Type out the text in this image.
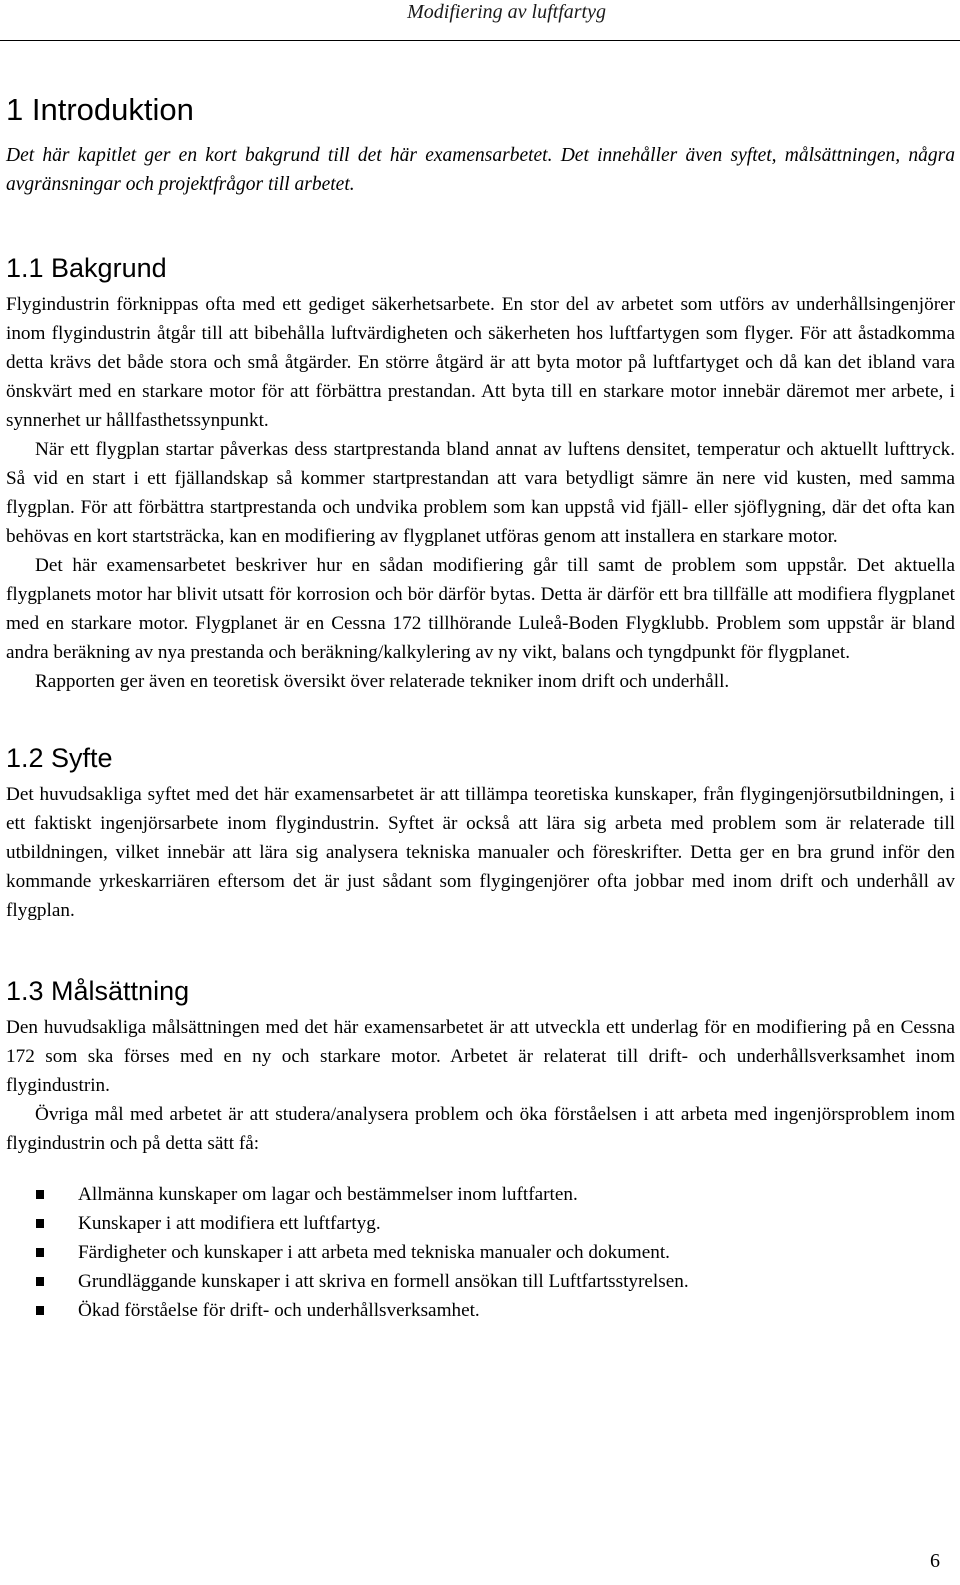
Modifiering av luftfartyg
1 Introduktion

Det här kapitlet ger en kort bakgrund till det här examensarbetet. Det innehåller även syftet, målsättningen, några avgränsningar och projektfrågor till arbetet.

1.1 Bakgrund

Flygindustrin förknippas ofta med ett gediget säkerhetsarbete. En stor del av arbetet som utförs av underhållsingenjörer inom flygindustrin åtgår till att bibehålla luftvärdigheten och säkerheten hos luftfartygen som flyger. För att åstadkomma detta krävs det både stora och små åtgärder. En större åtgärd är att byta motor på luftfartyget och då kan det ibland vara önskvärt med en starkare motor för att förbättra prestandan. Att byta till en starkare motor innebär däremot mer arbete, i synnerhet ur hållfasthetssynpunkt.

När ett flygplan startar påverkas dess startprestanda bland annat av luftens densitet, temperatur och aktuellt lufttryck. Så vid en start i ett fjällandskap så kommer startprestandan att vara betydligt sämre än nere vid kusten, med samma flygplan. För att förbättra startprestanda och undvika problem som kan uppstå vid fjäll- eller sjöflygning, där det ofta kan behövas en kort startsträcka, kan en modifiering av flygplanet utföras genom att installera en starkare motor.

Det här examensarbetet beskriver hur en sådan modifiering går till samt de problem som uppstår. Det aktuella flygplanets motor har blivit utsatt för korrosion och bör därför bytas. Detta är därför ett bra tillfälle att modifiera flygplanet med en starkare motor. Flygplanet är en Cessna 172 tillhörande Luleå-Boden Flygklubb. Problem som uppstår är bland andra beräkning av nya prestanda och beräkning/kalkylering av ny vikt, balans och tyngdpunkt för flygplanet.

Rapporten ger även en teoretisk översikt över relaterade tekniker inom drift och underhåll.

1.2 Syfte

Det huvudsakliga syftet med det här examensarbetet är att tillämpa teoretiska kunskaper, från flygingenjörsutbildningen, i ett faktiskt ingenjörsarbete inom flygindustrin. Syftet är också att lära sig arbeta med problem som är relaterade till utbildningen, vilket innebär att lära sig analysera tekniska manualer och föreskrifter. Detta ger en bra grund inför den kommande yrkeskarriären eftersom det är just sådant som flygingenjörer ofta jobbar med inom drift och underhåll av flygplan.

1.3 Målsättning

Den huvudsakliga målsättningen med det här examensarbetet är att utveckla ett underlag för en modifiering på en Cessna 172 som ska förses med en ny och starkare motor. Arbetet är relaterat till drift- och underhållsverksamhet inom flygindustrin.

Övriga mål med arbetet är att studera/analysera problem och öka förståelsen i att arbeta med ingenjörsproblem inom flygindustrin och på detta sätt få:

Allmänna kunskaper om lagar och bestämmelser inom luftfarten.
Kunskaper i att modifiera ett luftfartyg.
Färdigheter och kunskaper i att arbeta med tekniska manualer och dokument.
Grundläggande kunskaper i att skriva en formell ansökan till Luftfartsstyrelsen.
Ökad förståelse för drift- och underhållsverksamhet.
6
